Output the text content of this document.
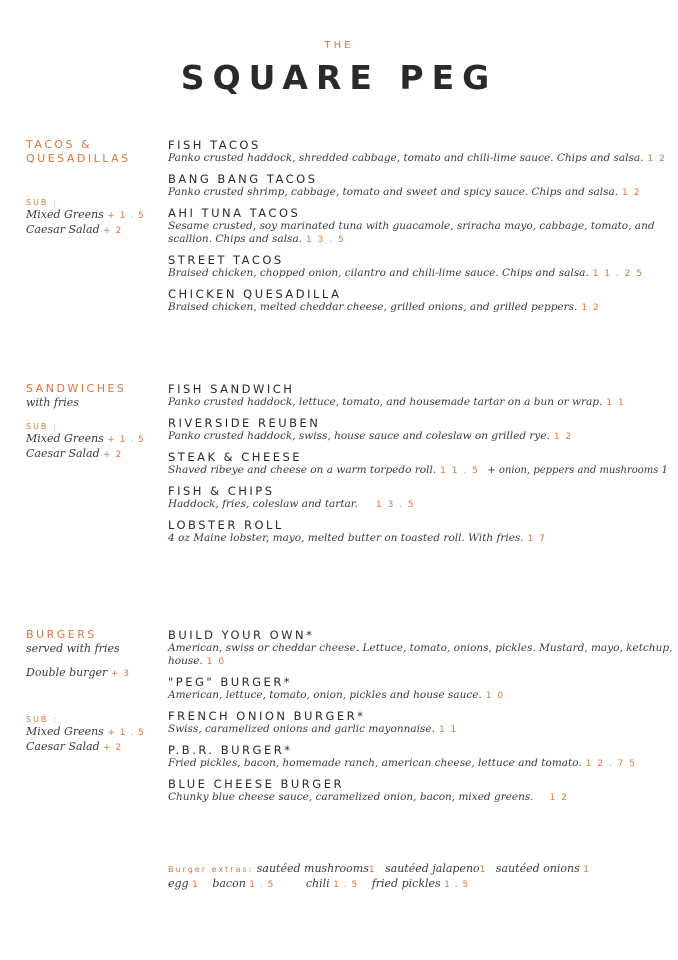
THE
SQUARE PEG
TACOS &
QUESADILLAS
SUB :
Mixed Greens + 1 . 5
Caesar Salad + 2
FISH TACOS
Panko crusted haddock, shredded cabbage, tomato and chili-lime sauce. Chips and salsa. 1 2
BANG BANG TACOS
Panko crusted shrimp, cabbage, tomato and sweet and spicy sauce. Chips and salsa. 1 2
AHI TUNA TACOS
Sesame crusted, soy marinated tuna with guacamole, sriracha mayo, cabbage, tomato, and scallion. Chips and salsa. 1 3 . 5
STREET TACOS
Braised chicken, chopped onion, cilantro and chili-lime sauce. Chips and salsa. 1 1 . 2 5
CHICKEN QUESADILLA
Braised chicken, melted cheddar cheese, grilled onions, and grilled peppers. 1 2
SANDWICHES
with fries
SUB :
Mixed Greens + 1 . 5
Caesar Salad + 2
FISH SANDWICH
Panko crusted haddock, lettuce, tomato, and housemade tartar on a bun or wrap. 1 1
RIVERSIDE REUBEN
Panko crusted haddock, swiss, house sauce and coleslaw on grilled rye. 1 2
STEAK & CHEESE
Shaved ribeye and cheese on a warm torpedo roll. 1 1 . 5 + onion, peppers and mushrooms 1
FISH & CHIPS
Haddock, fries, coleslaw and tartar. 1 3 . 5
LOBSTER ROLL
4 oz Maine lobster, mayo, melted butter on toasted roll. With fries. 1 7
BURGERS
served with fries
Double burger + 3
SUB :
Mixed Greens + 1 . 5
Caesar Salad + 2
BUILD YOUR OWN*
American, swiss or cheddar cheese. Lettuce, tomato, onions, pickles. Mustard, mayo, ketchup, house. 1 0
"PEG" BURGER*
American, lettuce, tomato, onion, pickles and house sauce. 1 0
FRENCH ONION BURGER*
Swiss, caramelized onions and garlic mayonnaise. 1 1
P.B.R. BURGER*
Fried pickles, bacon, homemade ranch, american cheese, lettuce and tomato. 1 2 . 7 5
BLUE CHEESE BURGER
Chunky blue cheese sauce, caramelized onion, bacon, mixed greens. 1 2
Burger extras: sautéed mushrooms1 sautéed jalapeno1 sautéed onions 1
egg 1 bacon 1 . 5	chili 1 . 5 fried pickles 1 . 5
